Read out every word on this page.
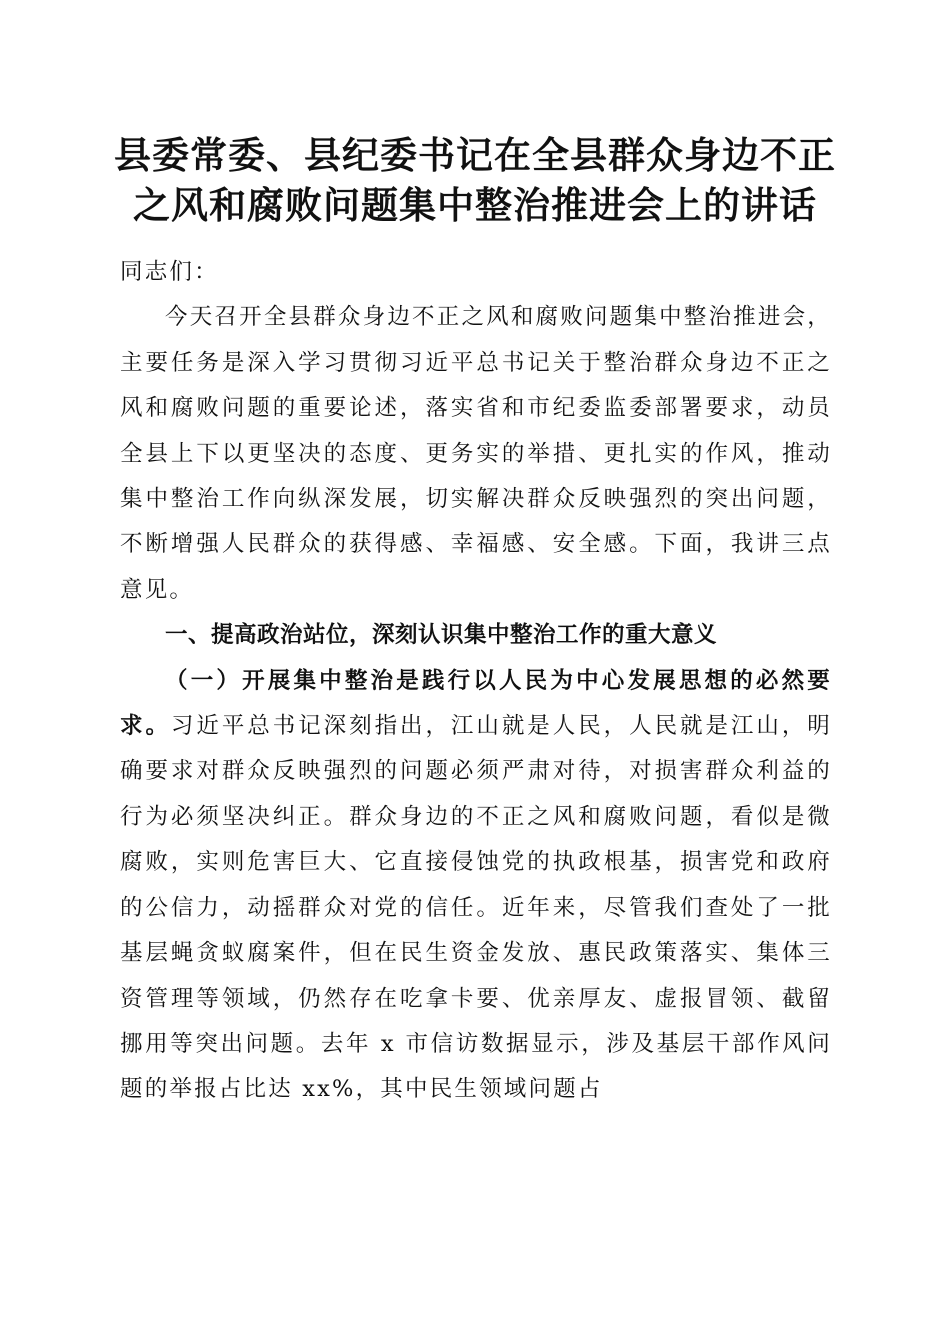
县委常委、县纪委书记在全县群众身边不正之风和腐败问题集中整治推进会上的讲话

同志们：

今天召开全县群众身边不正之风和腐败问题集中整治推进会，主要任务是深入学习贯彻习近平总书记关于整治群众身边不正之风和腐败问题的重要论述，落实省和市纪委监委部署要求，动员全县上下以更坚决的态度、更务实的举措、更扎实的作风，推动集中整治工作向纵深发展，切实解决群众反映强烈的突出问题，不断增强人民群众的获得感、幸福感、安全感。下面，我讲三点意见。

一、提高政治站位，深刻认识集中整治工作的重大意义

（一）开展集中整治是践行以人民为中心发展思想的必然要求。习近平总书记深刻指出，江山就是人民，人民就是江山，明确要求对群众反映强烈的问题必须严肃对待，对损害群众利益的行为必须坚决纠正。群众身边的不正之风和腐败问题，看似是微腐败，实则危害巨大、它直接侵蚀党的执政根基，损害党和政府的公信力，动摇群众对党的信任。近年来，尽管我们查处了一批基层蝇贪蚁腐案件，但在民生资金发放、惠民政策落实、集体三资管理等领域，仍然存在吃拿卡要、优亲厚友、虚报冒领、截留挪用等突出问题。去年 x 市信访数据显示，涉及基层干部作风问题的举报占比达 xx%，其中民生领域问题占
